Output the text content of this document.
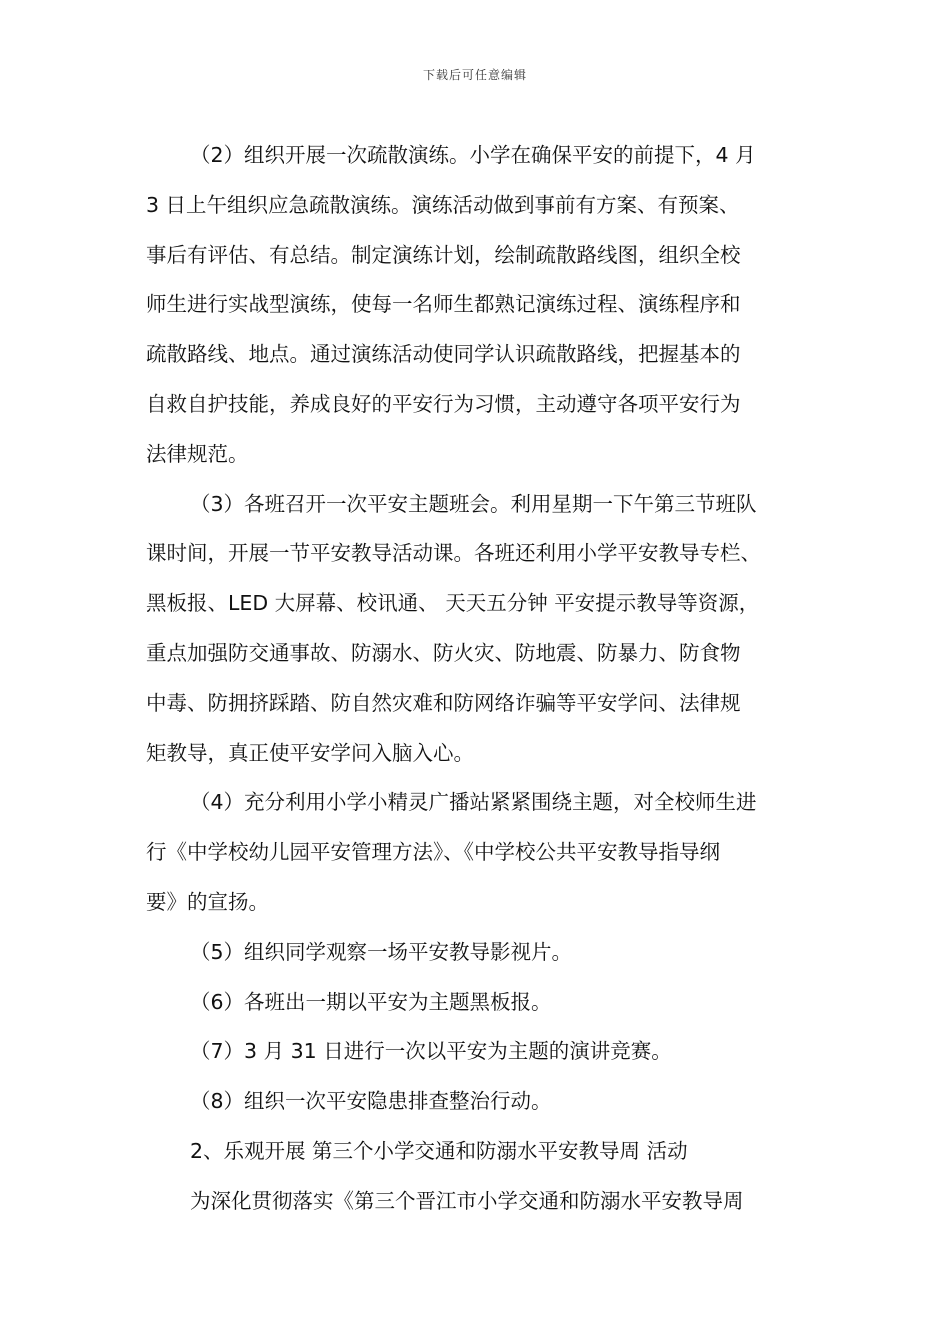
下载后可任意编辑
（2）组织开展一次疏散演练。小学在确保平安的前提下，4 月
3 日上午组织应急疏散演练。演练活动做到事前有方案、有预案、
事后有评估、有总结。制定演练计划，绘制疏散路线图，组织全校
师生进行实战型演练，使每一名师生都熟记演练过程、演练程序和
疏散路线、地点。通过演练活动使同学认识疏散路线，把握基本的
自救自护技能，养成良好的平安行为习惯，主动遵守各项平安行为
法律规范。
（3）各班召开一次平安主题班会。利用星期一下午第三节班队
课时间，开展一节平安教导活动课。各班还利用小学平安教导专栏、
黑板报、LED 大屏幕、校讯通、 天天五分钟 平安提示教导等资源，
重点加强防交通事故、防溺水、防火灾、防地震、防暴力、防食物
中毒、防拥挤踩踏、防自然灾难和防网络诈骗等平安学问、法律规
矩教导，真正使平安学问入脑入心。
（4）充分利用小学小精灵广播站紧紧围绕主题，对全校师生进
行《中学校幼儿园平安管理方法》、《中学校公共平安教导指导纲
要》的宣扬。
（5）组织同学观察一场平安教导影视片。
（6）各班出一期以平安为主题黑板报。
（7）3 月 31 日进行一次以平安为主题的演讲竞赛。
（8）组织一次平安隐患排查整治行动。
2、乐观开展 第三个小学交通和防溺水平安教导周 活动
为深化贯彻落实《第三个晋江市小学交通和防溺水平安教导周
